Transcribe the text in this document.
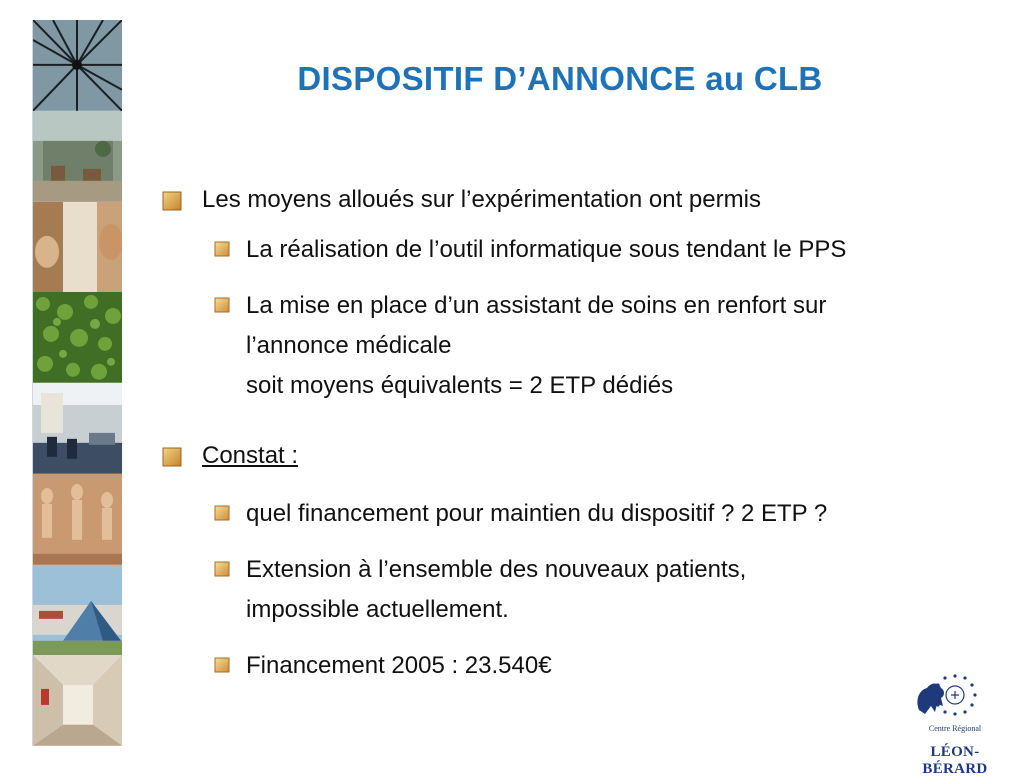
DISPOSITIF D’ANNONCE au CLB
Les moyens alloués sur l’expérimentation ont permis
La réalisation de l’outil informatique sous tendant le PPS
La mise en place d’un assistant de soins en renfort sur
l’annonce médicale
soit moyens équivalents = 2 ETP dédiés
Constat :
quel financement pour maintien du dispositif ? 2 ETP ?
Extension à l’ensemble des nouveaux patients,
impossible actuellement.
Financement 2005 : 23.540€
Centre Régional
LÉON-BÉRARD
